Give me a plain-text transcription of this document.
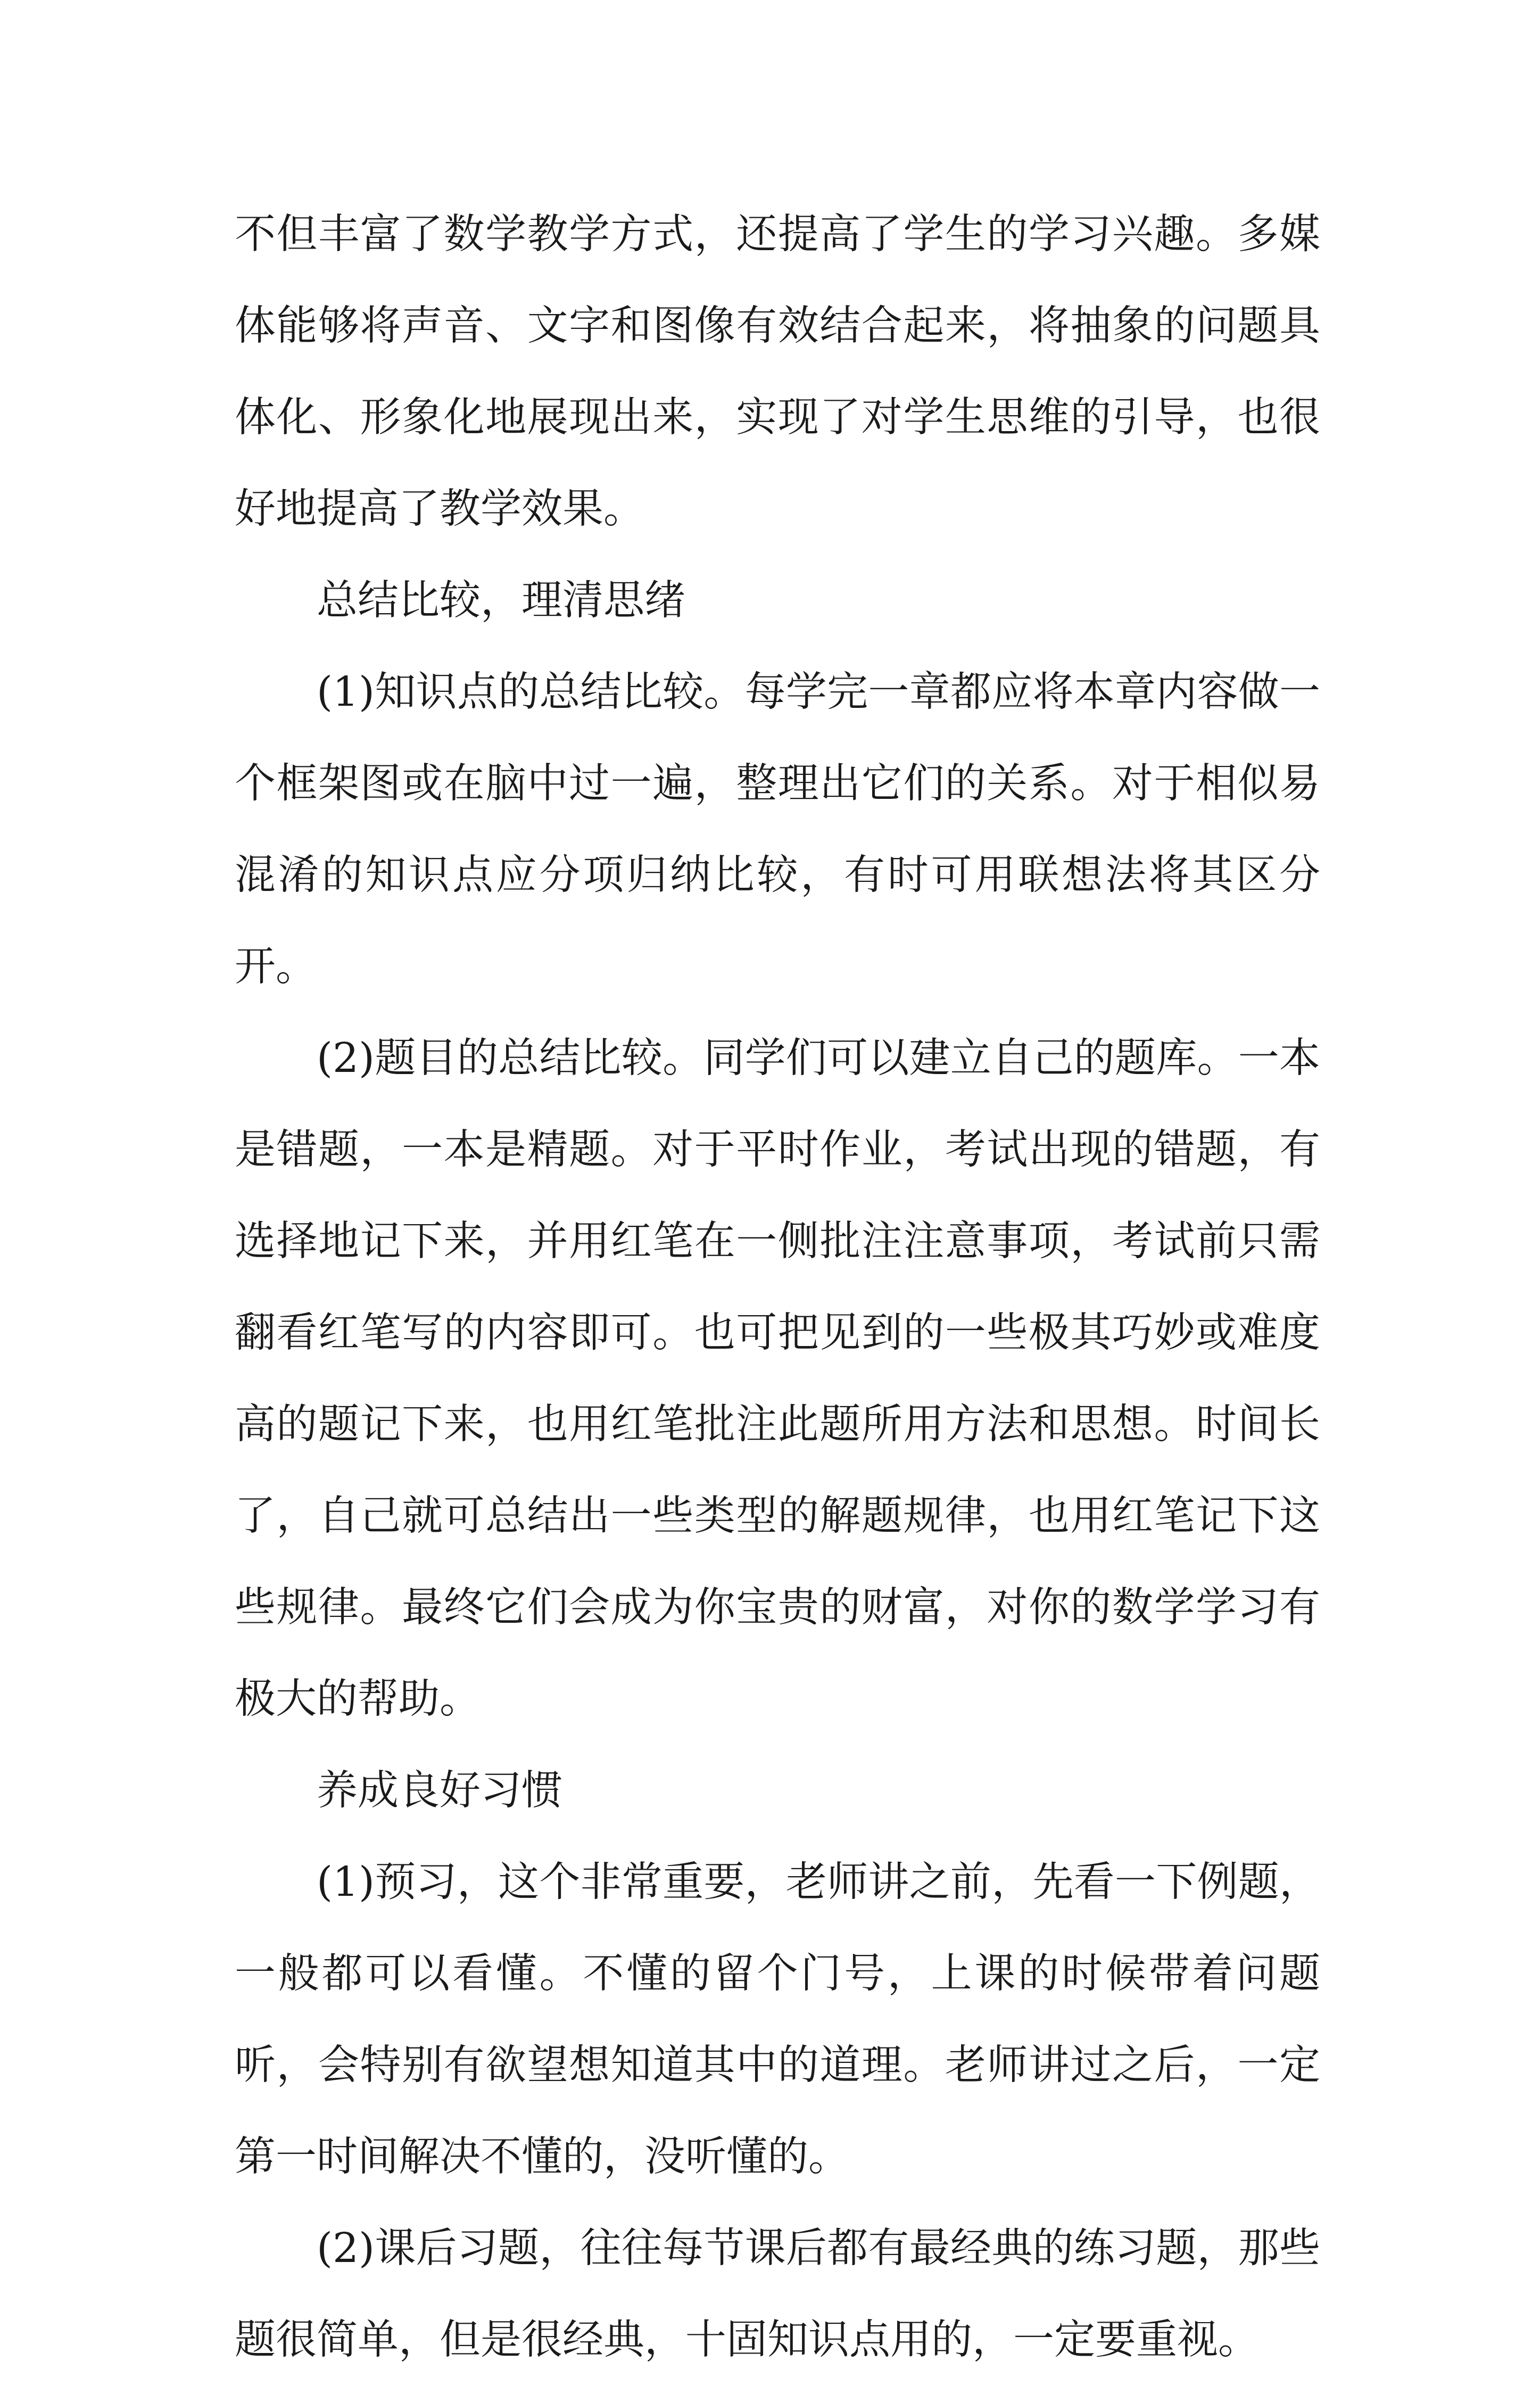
不但丰富了数学教学方式，还提高了学生的学习兴趣。多媒体能够将声音、文字和图像有效结合起来，将抽象的问题具体化、形象化地展现出来，实现了对学生思维的引导，也很好地提高了教学效果。

总结比较，理清思绪

(1)知识点的总结比较。每学完一章都应将本章内容做一个框架图或在脑中过一遍，整理出它们的关系。对于相似易混淆的知识点应分项归纳比较，有时可用联想法将其区分开。

(2)题目的总结比较。同学们可以建立自己的题库。一本是错题，一本是精题。对于平时作业，考试出现的错题，有选择地记下来，并用红笔在一侧批注注意事项，考试前只需翻看红笔写的内容即可。也可把见到的一些极其巧妙或难度高的题记下来，也用红笔批注此题所用方法和思想。时间长了，自己就可总结出一些类型的解题规律，也用红笔记下这些规律。最终它们会成为你宝贵的财富，对你的数学学习有极大的帮助。

养成良好习惯

(1)预习，这个非常重要，老师讲之前，先看一下例题，一般都可以看懂。不懂的留个门号，上课的时候带着问题听，会特别有欲望想知道其中的道理。老师讲过之后，一定第一时间解决不懂的，没听懂的。

(2)课后习题，往往每节课后都有最经典的练习题，那些题很简单，但是很经典，十固知识点用的，一定要重视。
